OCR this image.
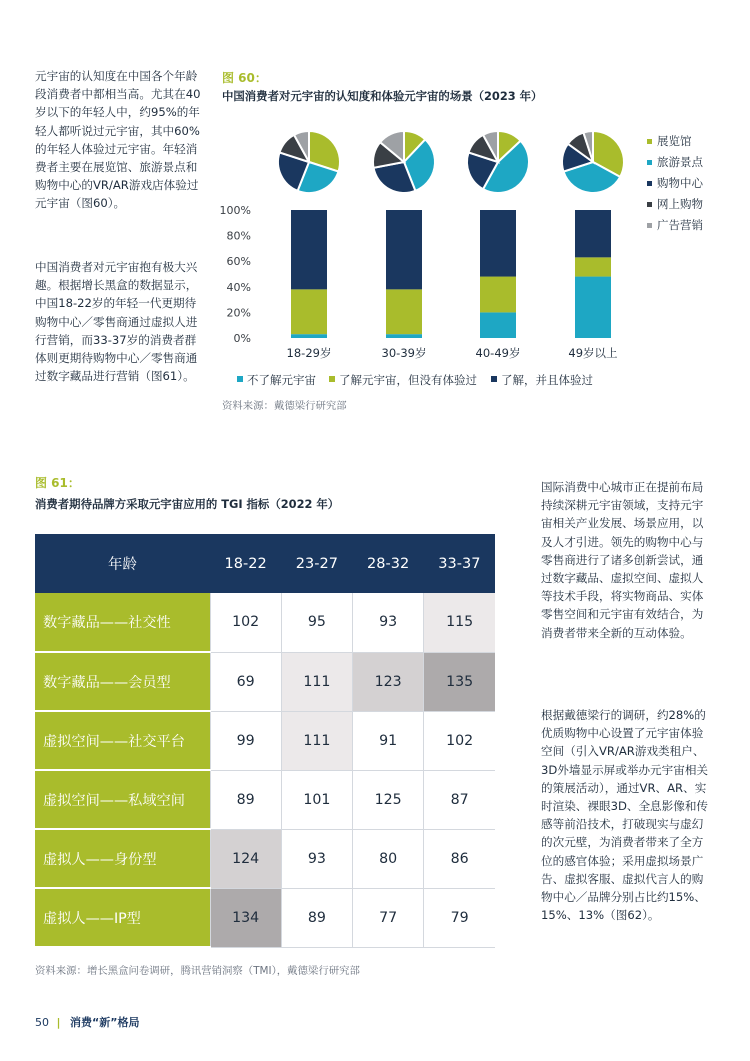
元宇宙的认知度在中国各个年龄段消费者中都相当高。尤其在40岁以下的年轻人中，约95%的年轻人都听说过元宇宙，其中60%的年轻人体验过元宇宙。年轻消费者主要在展览馆、旅游景点和购物中心的VR/AR游戏店体验过元宇宙（图60）。

中国消费者对元宇宙抱有极大兴趣。根据增长黑盒的数据显示，中国18-22岁的年轻一代更期待购物中心／零售商通过虚拟人进行营销，而33-37岁的消费者群体则更期待购物中心／零售商通过数字藏品进行营销（图61）。

图 60：
中国消费者对元宇宙的认知度和体验元宇宙的场景（2023 年）
0%
20%
40%
60%
80%
100%
18-29岁	30-39岁	40-49岁	49岁以上
展览馆
旅游景点
购物中心
网上购物
广告营销
不了解元宇宙 了解元宇宙，但没有体验过 了解，并且体验过
资料来源：戴德梁行研究部
图 61：
消费者期待品牌方采取元宇宙应用的 TGI 指标（2022 年）
年龄	18-22	23-27	28-32	33-37
数字藏品——社交性	102	95	93	115
数字藏品——会员型	69	111	123	135
虚拟空间——社交平台	99	111	91	102
虚拟空间——私域空间	89	101	125	87
虚拟人——身份型	124	93	80	86
虚拟人——IP型	134	89	77	79
资料来源：增长黑盒问卷调研，腾讯营销洞察（TMI），戴德梁行研究部

国际消费中心城市正在提前布局持续深耕元宇宙领域，支持元宇宙相关产业发展、场景应用，以及人才引进。领先的购物中心与零售商进行了诸多创新尝试，通过数字藏品、虚拟空间、虚拟人等技术手段，将实物商品、实体零售空间和元宇宙有效结合，为消费者带来全新的互动体验。

根据戴德梁行的调研，约28%的优质购物中心设置了元宇宙体验空间（引入VR/AR游戏类租户、3D外墙显示屏或举办元宇宙相关的策展活动），通过VR、AR、实时渲染、裸眼3D、全息影像和传感等前沿技术，打破现实与虚幻的次元壁，为消费者带来了全方位的感官体验；采用虚拟场景广告、虚拟客服、虚拟代言人的购物中心／品牌分别占比约15%、15%、13%（图62）。

50 | 消费“新”格局
